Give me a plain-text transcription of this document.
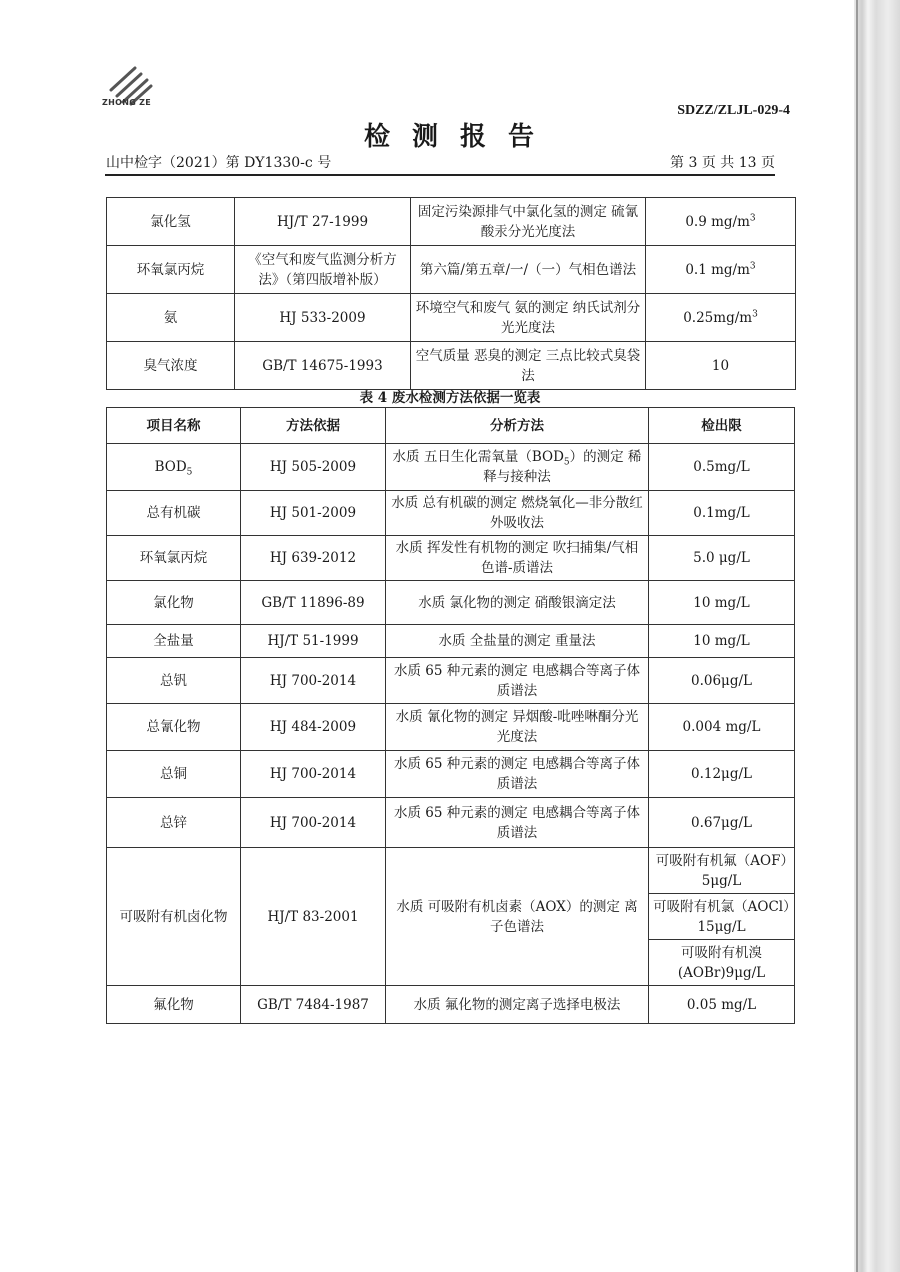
ZHONG ZE
SDZZ/ZLJL-029-4
检测报告
山中检字（2021）第 DY1330-c 号	第 3 页 共 13 页
氯化氢	HJ/T 27-1999	固定污染源排气中氯化氢的测定 硫氰酸汞分光光度法	0.9 $mg/m^3$
环氧氯丙烷	《空气和废气监测分析方法》（第四版增补版）	第六篇/第五章/一/（一）气相色谱法	0.1 $mg/m^3$
氨	HJ 533-2009	环境空气和废气 氨的测定 纳氏试剂分光光度法	$0.25mg/m^3$
臭气浓度	GB/T 14675-1993	空气质量 恶臭的测定 三点比较式臭袋法	10
表 4 废水检测方法依据一览表
项目名称	方法依据	分析方法	检出限
$BOD_5$	HJ 505-2009	水质 五日生化需氧量$(BOD_5)$的测定 稀释与接种法	0.5mg/L
总有机碳	HJ 501-2009	水质 总有机碳的测定 燃烧氧化—非分散红外吸收法	0.1mg/L
环氧氯丙烷	HJ 639-2012	水质 挥发性有机物的测定 吹扫捕集/气相色谱-质谱法	5.0 μg/L
氯化物	GB/T 11896-89	水质 氯化物的测定 硝酸银滴定法	10 mg/L
全盐量	HJ/T 51-1999	水质 全盐量的测定 重量法	10 mg/L
总钒	HJ 700-2014	水质 65 种元素的测定 电感耦合等离子体质谱法	0.06μg/L
总氰化物	HJ 484-2009	水质 氰化物的测定 异烟酸-吡唑啉酮分光光度法	0.004 mg/L
总铜	HJ 700-2014	水质 65 种元素的测定 电感耦合等离子体质谱法	0.12μg/L
总锌	HJ 700-2014	水质 65 种元素的测定 电感耦合等离子体质谱法	0.67μg/L
可吸附有机卤化物	HJ/T 83-2001	水质 可吸附有机卤素（AOX）的测定 离子色谱法	可吸附有机氟（AOF）5μg/L
			可吸附有机氯（AOCl）15μg/L
			可吸附有机溴(AOBr)9μg/L
氟化物	GB/T 7484-1987	水质 氟化物的测定离子选择电极法	0.05 mg/L
